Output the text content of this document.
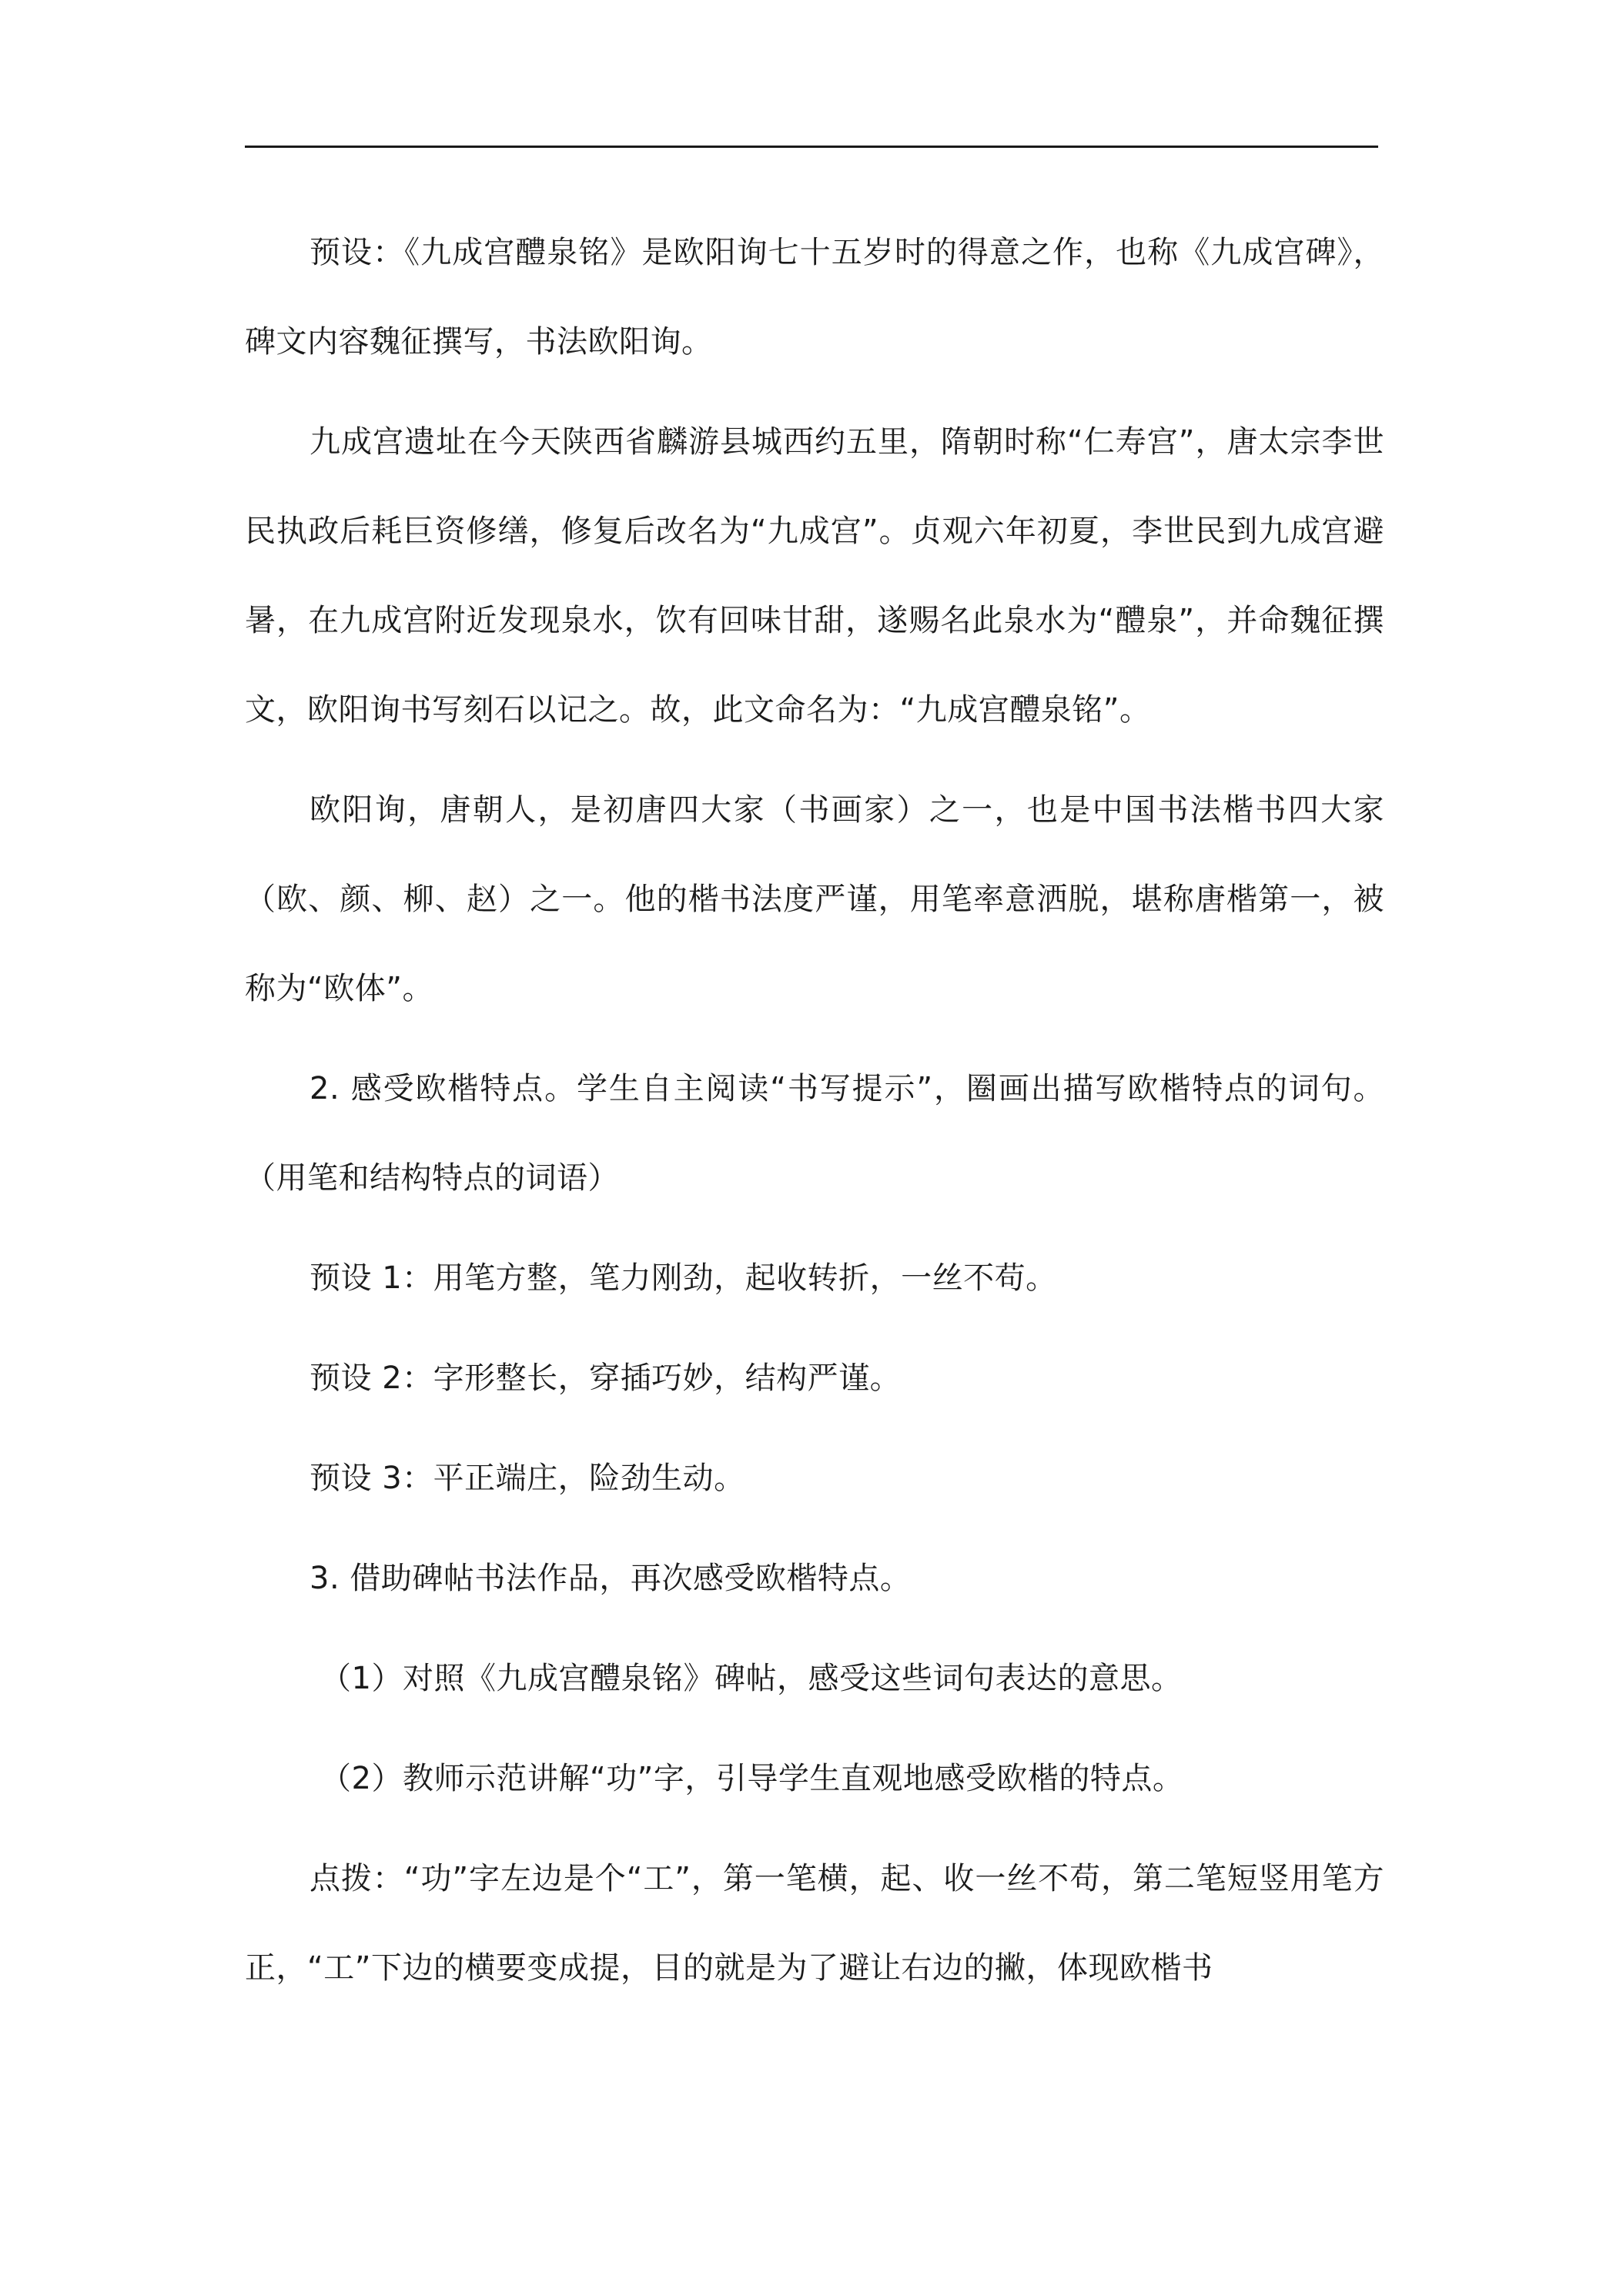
预设：《九成宫醴泉铭》是欧阳询七十五岁时的得意之作，也称《九成宫碑》，碑文内容魏征撰写，书法欧阳询。

九成宫遗址在今天陕西省麟游县城西约五里，隋朝时称“仁寿宫”，唐太宗李世民执政后耗巨资修缮，修复后改名为“九成宫”。贞观六年初夏，李世民到九成宫避暑，在九成宫附近发现泉水，饮有回味甘甜，遂赐名此泉水为“醴泉”，并命魏征撰文，欧阳询书写刻石以记之。故，此文命名为：“九成宫醴泉铭”。

欧阳询，唐朝人，是初唐四大家（书画家）之一，也是中国书法楷书四大家（欧、颜、柳、赵）之一。他的楷书法度严谨，用笔率意洒脱，堪称唐楷第一，被称为“欧体”。

2. 感受欧楷特点。学生自主阅读“书写提示”，圈画出描写欧楷特点的词句。（用笔和结构特点的词语）

预设 1：用笔方整，笔力刚劲，起收转折，一丝不苟。

预设 2：字形整长，穿插巧妙，结构严谨。

预设 3：平正端庄，险劲生动。

3. 借助碑帖书法作品，再次感受欧楷特点。

（1）对照《九成宫醴泉铭》碑帖，感受这些词句表达的意思。

（2）教师示范讲解“功”字，引导学生直观地感受欧楷的特点。

点拨：“功”字左边是个“工”，第一笔横，起、收一丝不苟，第二笔短竖用笔方正，“工”下边的横要变成提，目的就是为了避让右边的撇，体现欧楷书
